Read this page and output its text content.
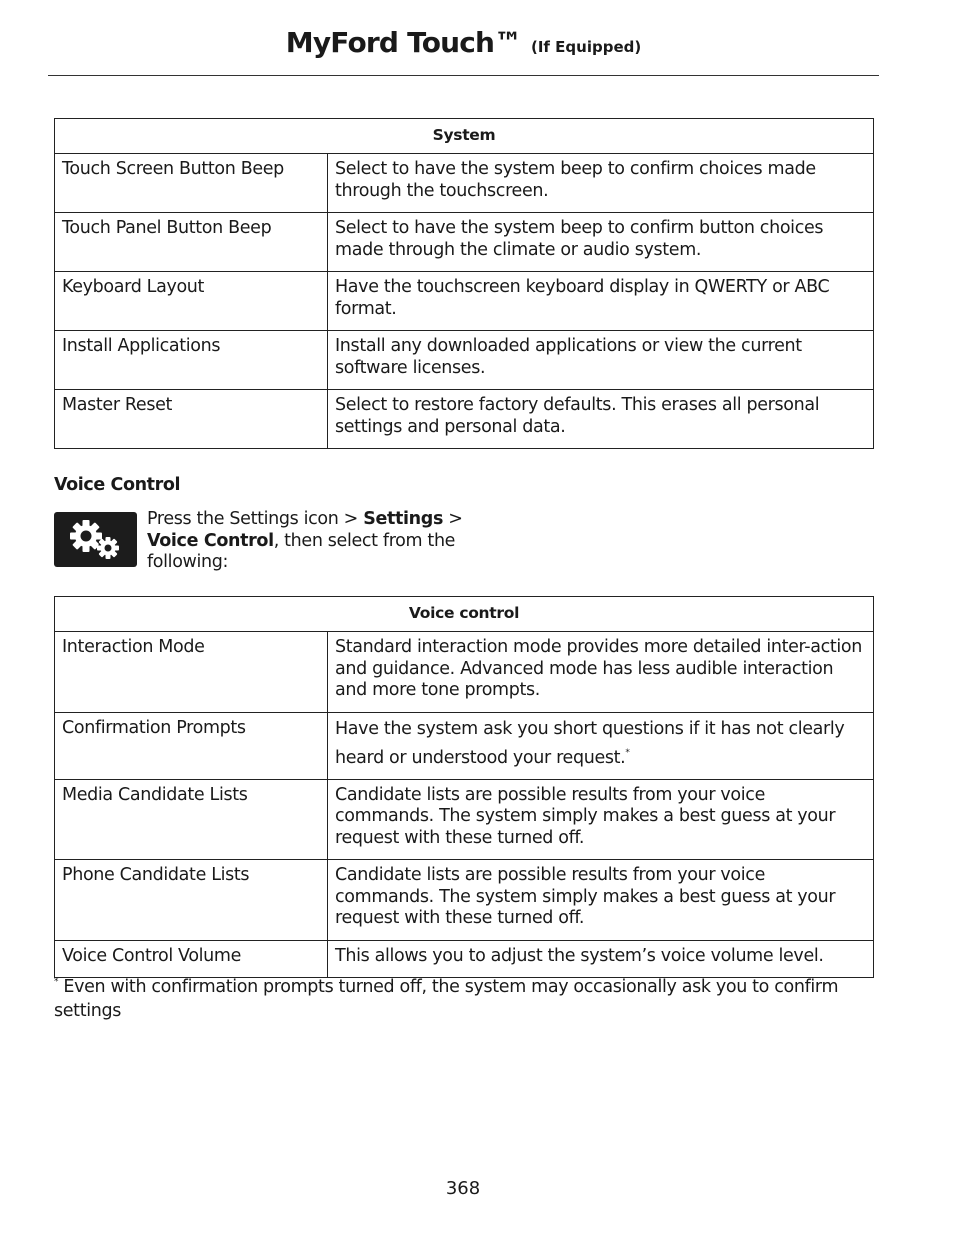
MyFord Touch™ (If Equipped)
System	
Touch Screen Button Beep	Select to have the system beep to confirm choices made through the touchscreen.
Touch Panel Button Beep	Select to have the system beep to confirm button choices made through the climate or audio system.
Keyboard Layout	Have the touchscreen keyboard display in QWERTY or ABC format.
Install Applications	Install any downloaded applications or view the current software licenses.
Master Reset	Select to restore factory defaults. This erases all personal settings and personal data.
Voice Control
Press the Settings icon > Settings > Voice Control, then select from the following:
Voice control	
Interaction Mode	Standard interaction mode provides more detailed inter-action and guidance. Advanced mode has less audible interaction and more tone prompts.
Confirmation Prompts	Have the system ask you short questions if it has not clearly heard or understood your request.*
Media Candidate Lists	Candidate lists are possible results from your voice commands. The system simply makes a best guess at your request with these turned off.
Phone Candidate Lists	Candidate lists are possible results from your voice commands. The system simply makes a best guess at your request with these turned off.
Voice Control Volume	This allows you to adjust the system’s voice volume level.
* Even with confirmation prompts turned off, the system may occasionally ask you to confirm settings
368
